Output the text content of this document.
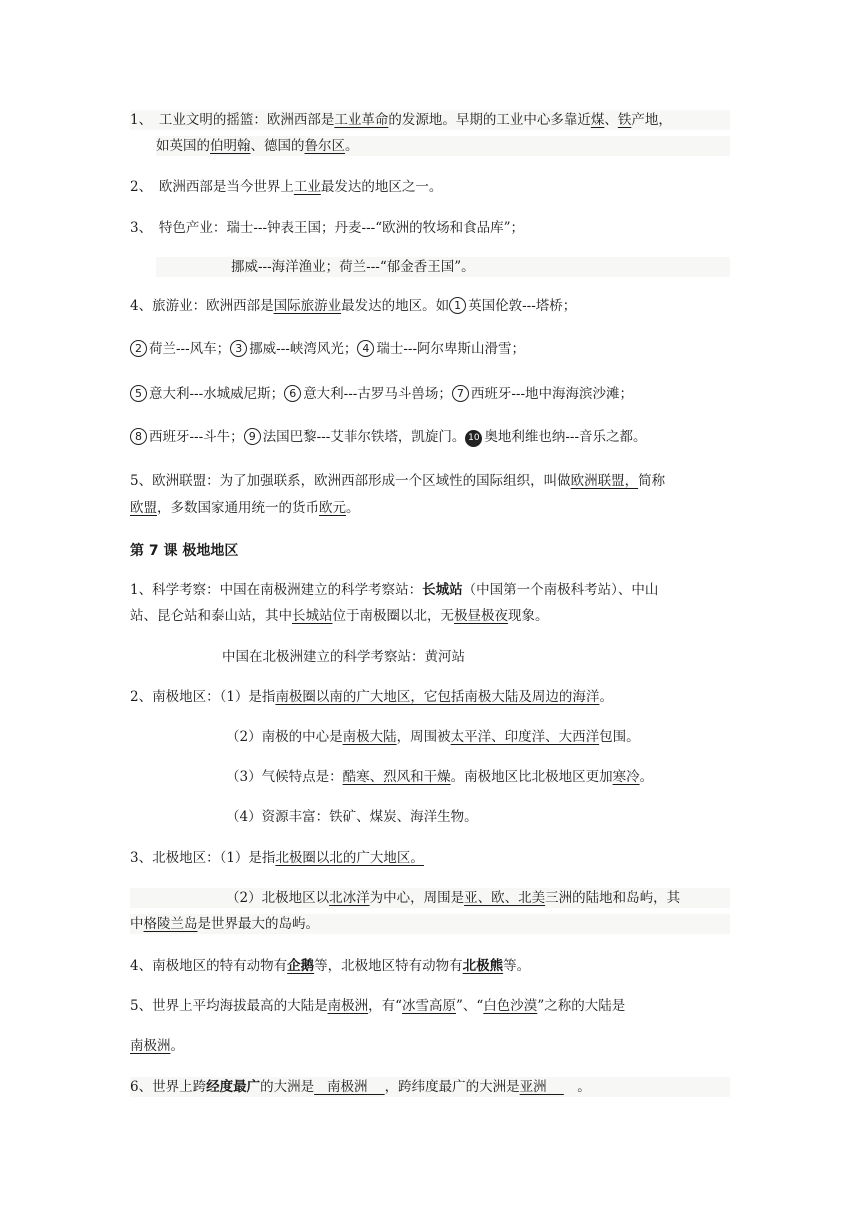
1、　工业文明的摇篮：欧洲西部是工业革命的发源地。早期的工业中心多靠近煤、铁产地，
如英国的伯明翰、德国的鲁尔区。
2、　欧洲西部是当今世界上工业最发达的地区之一。
3、　特色产业：瑞士---钟表王国；丹麦---“欧洲的牧场和食品库”；
挪威---海洋渔业；荷兰---“郁金香王国”。
4、旅游业：欧洲西部是国际旅游业最发达的地区。如 1 英国伦敦---塔桥；
2 荷兰---风车； 3 挪威---峡湾风光； 4 瑞士---阿尔卑斯山滑雪；
5 意大利---水城威尼斯； 6 意大利---古罗马斗兽场； 7 西班牙---地中海海滨沙滩；
8 西班牙---斗牛； 9 法国巴黎---艾菲尔铁塔，凯旋门。 10 奥地利维也纳---音乐之都。
5、欧洲联盟：为了加强联系，欧洲西部形成一个区域性的国际组织，叫做欧洲联盟，简称
欧盟，多数国家通用统一的货币欧元。
第 7 课 极地地区
1、科学考察：中国在南极洲建立的科学考察站：长城站（中国第一个南极科考站）、中山
站、昆仑站和泰山站，其中长城站位于南极圈以北，无极昼极夜现象。
中国在北极洲建立的科学考察站：黄河站
2、南极地区：（1）是指南极圈以南的广大地区，它包括南极大陆及周边的海洋。
（2）南极的中心是南极大陆，周围被太平洋、印度洋、大西洋包围。
（3）气候特点是：酷寒、烈风和干燥。南极地区比北极地区更加寒冷。
（4）资源丰富：铁矿、煤炭、海洋生物。
3、北极地区：（1）是指北极圈以北的广大地区。
（2）北极地区以北冰洋为中心，周围是亚、欧、北美三洲的陆地和岛屿，其
中格陵兰岛是世界最大的岛屿。
4、南极地区的特有动物有企鹅等，北极地区特有动物有北极熊等。
5、世界上平均海拔最高的大陆是南极洲，有“冰雪高原”、“白色沙漠”之称的大陆是
南极洲。
6、世界上跨经度最广的大洲是   南极洲    ，跨纬度最广的大洲是亚洲    　。
